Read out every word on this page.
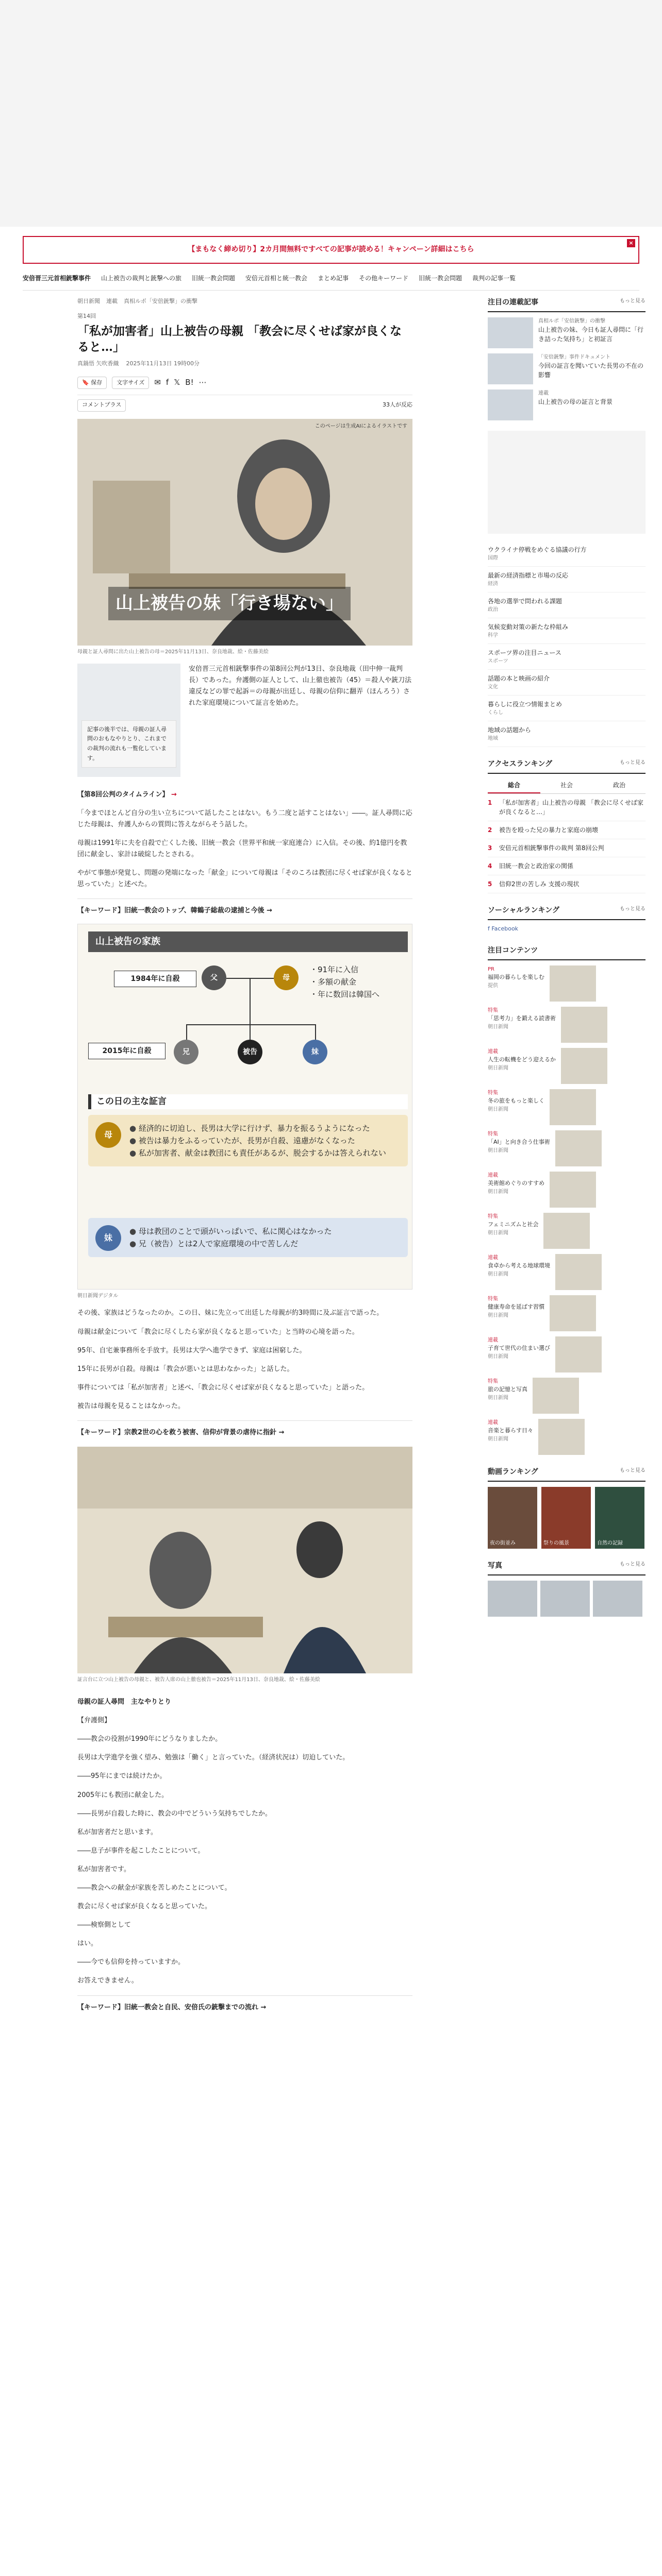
【まもなく締め切り】2カ月間無料ですべての記事が読める！キャンペーン詳細はこちら
×
安倍晋三元首相銃撃事件 山上被告の裁判と銃撃への旅 旧統一教会問題 安倍元首相と統一教会 まとめ記事 その他キーワード 旧統一教会問題 裁判の記事一覧
朝日新聞 連載 真相ルポ「安倍銃撃」の衝撃
第14回
「私が加害者」山上被告の母親 「教会に尽くせば家が良くなると…」
真鍋悟 矢吹香織 2025年11月13日 19時00分
🔖
保存	文字サイズ	✉ f 𝕏 B! ⋯
コメントプラス	33人が反応
このページは生成AIによるイラストです
山上被告の妹「行き場ない」
母親と証人尋問に出た山上被告の母＝2025年11月13日、奈良地裁、絵・佐藤美絵
記事の後半では、母親の証人尋問のおもなやりとり、これまでの裁判の流れも一覧化しています。
安倍晋三元首相銃撃事件の第8回公判が13日、奈良地裁（田中伸一裁判長）であった。弁護側の証人として、山上徹也被告（45）＝殺人や銃刀法違反などの罪で起訴＝の母親が出廷し、母親の信仰に翻弄（ほんろう）された家庭環境について証言を始めた。
【第8回公判のタイムライン】 →

「今までほとんど自分の生い立ちについて話したことはない。もう二度と話すことはない」――。証人尋問に応じた母親は、弁護人からの質問に答えながらそう話した。

母親は1991年に夫を自殺で亡くした後、旧統一教会（世界平和統一家庭連合）に入信。その後、約1億円を教団に献金し、家計は破綻したとされる。

やがて事態が発覚し、問題の発端になった「献金」について母親は「そのころは教団に尽くせば家が良くなると思っていた」と述べた。

【キーワード】旧統一教会のトップ、韓鶴子総裁の逮捕と今後 →
山上被告の家族
1984年に自殺	父	母
・91年に入信
・多額の献金
・年に数回は韓国へ
2015年に自殺	兄	被告	妹
この日の主な証言
母
● 経済的に切迫し、長男は大学に行けず、暴力を振るうようになった
● 被告は暴力をふるっていたが、長男が自殺、遠慮がなくなった
● 私が加害者、献金は教団にも責任があるが、脱会するかは答えられない
妹
● 母は教団のことで頭がいっぱいで、私に関心はなかった
● 兄（被告）とは2人で家庭環境の中で苦しんだ
朝日新聞デジタル

その後、家族はどうなったのか。この日、妹に先立って出廷した母親が約3時間に及ぶ証言で語った。

母親は献金について「教会に尽くしたら家が良くなると思っていた」と当時の心境を語った。

95年、自宅兼事務所を手放す。長男は大学へ進学できず、家庭は困窮した。

15年に長男が自殺。母親は「教会が悪いとは思わなかった」と話した。

事件については「私が加害者」と述べ、「教会に尽くせば家が良くなると思っていた」と語った。

被告は母親を見ることはなかった。

【キーワード】宗教2世の心を救う被害、信仰が背景の虐待に指針 →
証言台に立つ山上被告の母親と、被告人席の山上徹也被告＝2025年11月13日、奈良地裁、絵・佐藤美絵
母親の証人尋問　主なやりとり

【弁護側】

――教会の役割が1990年にどうなりましたか。

長男は大学進学を強く望み、勉強は「働く」と言っていた。（経済状況は）切迫していた。

――95年にまでは続けたか。

2005年にも教団に献金した。

――長男が自殺した時に、教会の中でどういう気持ちでしたか。

私が加害者だと思います。

――息子が事件を起こしたことについて。

私が加害者です。

――教会への献金が家族を苦しめたことについて。

教会に尽くせば家が良くなると思っていた。

――検察側として

はい。

――今でも信仰を持っていますか。

お答えできません。

【キーワード】旧統一教会と自民、安倍氏の銃撃までの流れ →
注目の連載記事	もっと見る
真相ルポ「安倍銃撃」の衝撃
山上被告の妹、今日も証人尋問に「行き詰った気持ち」と初証言
「安倍銃撃」事件ドキュメント
今回の証言を聞いていた長男の不在の影響
連載
山上被告の母の証言と背景
ウクライナ停戦をめぐる協議の行方
国際
最新の経済指標と市場の反応
経済
各地の選挙で問われる課題
政治
気候変動対策の新たな枠組み
科学
スポーツ界の注目ニュース
スポーツ
話題の本と映画の紹介
文化
暮らしに役立つ情報まとめ
くらし
地域の話題から
地域
アクセスランキング	もっと見る
総合	社会	政治
1	「私が加害者」山上被告の母親 「教会に尽くせば家が良くなると…」
2	被告を殴った兄の暴力と家庭の崩壊
3	安倍元首相銃撃事件の裁判 第8回公判
4	旧統一教会と政治家の関係
5	信仰2世の苦しみ 支援の現状
ソーシャルランキング	もっと見る
f Facebook
注目コンテンツ
PR
福岡の暮らしを楽しむ
提供
特集
「思考力」を鍛える読書術
朝日新聞
連載
人生の転機をどう迎えるか
朝日新聞
特集
冬の旅をもっと楽しく
朝日新聞
特集
「AI」と向き合う仕事術
朝日新聞
連載
美術館めぐりのすすめ
朝日新聞
特集
フェミニズムと社会
朝日新聞
連載
食卓から考える地球環境
朝日新聞
特集
健康寿命を延ばす習慣
朝日新聞
連載
子育て世代の住まい選び
朝日新聞
特集
旅の記憶と写真
朝日新聞
連載
音楽と暮らす日々
朝日新聞
動画ランキング	もっと見る
夜の街並み	祭りの風景	自然の記録
写真	もっと見る
